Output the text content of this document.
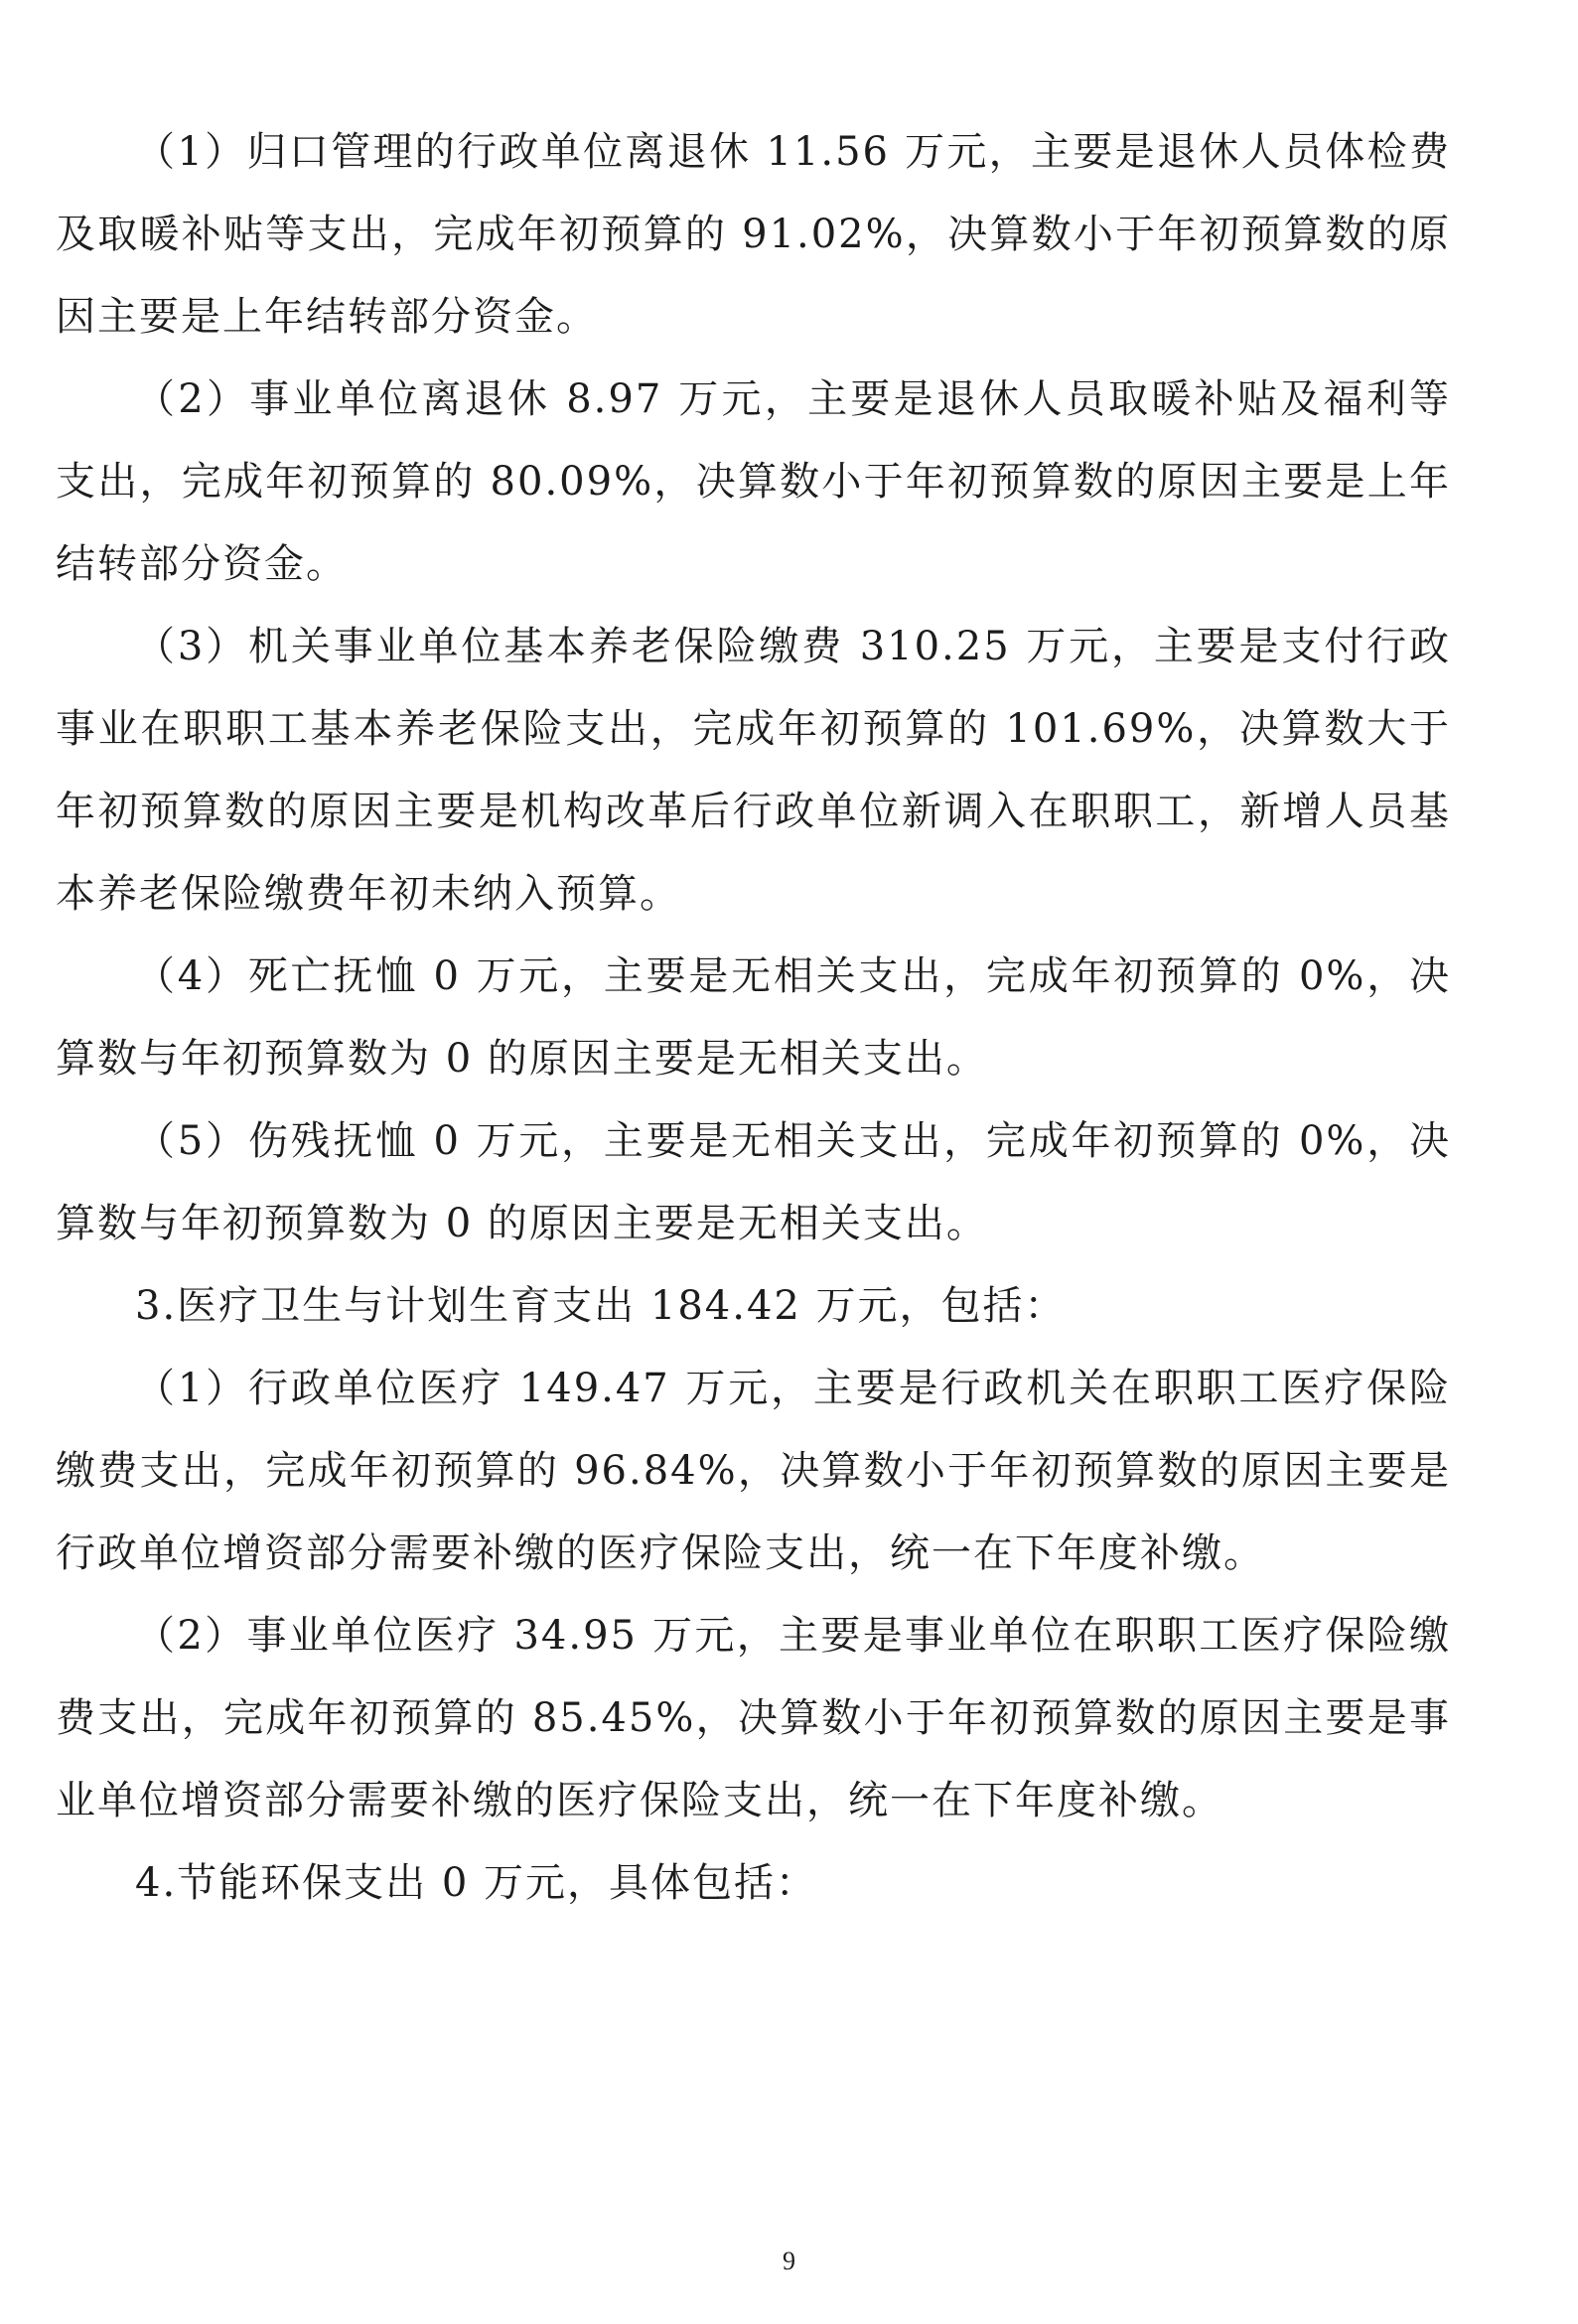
（1）归口管理的行政单位离退休 11.56 万元，主要是退休人员体检费及取暖补贴等支出，完成年初预算的 91.02%，决算数小于年初预算数的原因主要是上年结转部分资金。

（2）事业单位离退休 8.97 万元，主要是退休人员取暖补贴及福利等支出，完成年初预算的 80.09%，决算数小于年初预算数的原因主要是上年结转部分资金。

（3）机关事业单位基本养老保险缴费 310.25 万元，主要是支付行政事业在职职工基本养老保险支出，完成年初预算的 101.69%，决算数大于年初预算数的原因主要是机构改革后行政单位新调入在职职工，新增人员基本养老保险缴费年初未纳入预算。

（4）死亡抚恤 0 万元，主要是无相关支出，完成年初预算的 0%，决算数与年初预算数为 0 的原因主要是无相关支出。

（5）伤残抚恤 0 万元，主要是无相关支出，完成年初预算的 0%，决算数与年初预算数为 0 的原因主要是无相关支出。

3.医疗卫生与计划生育支出 184.42 万元，包括：

（1）行政单位医疗 149.47 万元，主要是行政机关在职职工医疗保险缴费支出，完成年初预算的 96.84%，决算数小于年初预算数的原因主要是行政单位增资部分需要补缴的医疗保险支出，统一在下年度补缴。

（2）事业单位医疗 34.95 万元，主要是事业单位在职职工医疗保险缴费支出，完成年初预算的 85.45%，决算数小于年初预算数的原因主要是事业单位增资部分需要补缴的医疗保险支出，统一在下年度补缴。

4.节能环保支出 0 万元，具体包括：

9
